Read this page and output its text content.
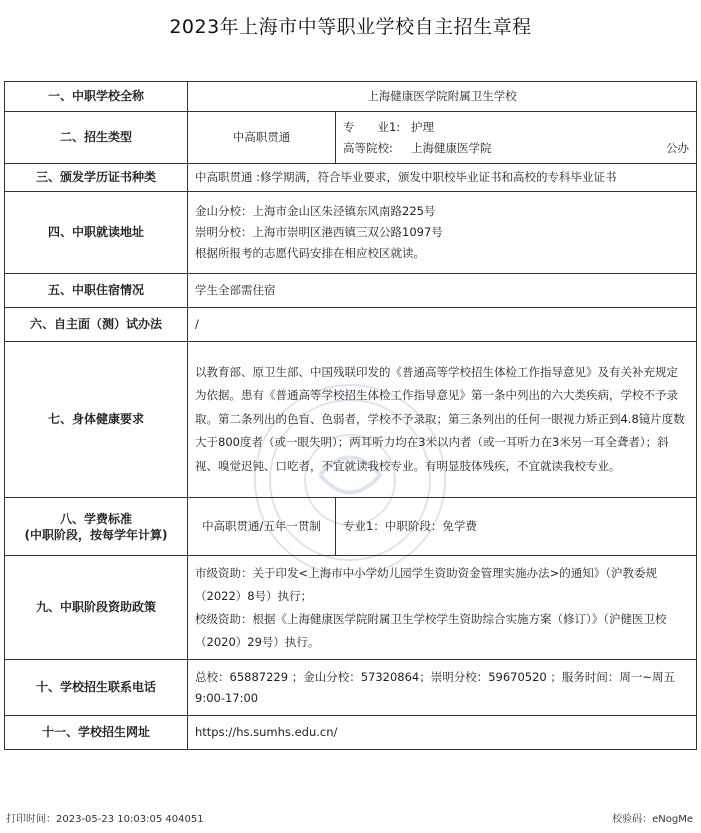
2023年上海市中等职业学校自主招生章程
一、中职学校全称	上海健康医学院附属卫生学校
二、招生类型	中高职贯通	
专　　业1:	护理	
高等院校:	上海健康医学院	公办

三、颁发学历证书种类	中高职贯通 :修学期满，符合毕业要求，颁发中职校毕业证书和高校的专科毕业证书
四、中职就读地址	
金山分校：上海市金山区朱泾镇东风南路225号
崇明分校：上海市崇明区港西镇三双公路1097号
根据所报考的志愿代码安排在相应校区就读。

五、中职住宿情况	学生全部需住宿
六、自主面（测）试办法	/
七、身体健康要求	以教育部、原卫生部、中国残联印发的《普通高等学校招生体检工作指导意见》及有关补充规定为依据。患有《普通高等学校招生体检工作指导意见》第一条中列出的六大类疾病，学校不予录取。第二条列出的色盲、色弱者，学校不予录取；第三条列出的任何一眼视力矫正到4.8镜片度数大于800度者（或一眼失明）；两耳听力均在3米以内者（或一耳听力在3米另一耳全聋者）；斜视、嗅觉迟钝、口吃者，不宜就读我校专业。有明显肢体残疾，不宜就读我校专业。

八、学费标准
(中职阶段，按每学年计算)
	中高职贯通/五年一贯制	专业1：中职阶段：免学费
九、中职阶段资助政策	
市级资助：关于印发<上海市中小学幼儿园学生资助资金管理实施办法>的通知》（沪教委规（2022）8号）执行；
校级资助：根据《上海健康医学院附属卫生学校学生资助综合实施方案（修订）》（沪健医卫校（2020）29号）执行。

十、学校招生联系电话	总校：65887229 ；金山分校：57320864；崇明分校：59670520 ；服务时间：周一~周五 9:00-17:00
十一、学校招生网址	https://hs.sumhs.edu.cn/
打印时间：2023-05-23 10:03:05 404051	校验码：eNogMe
